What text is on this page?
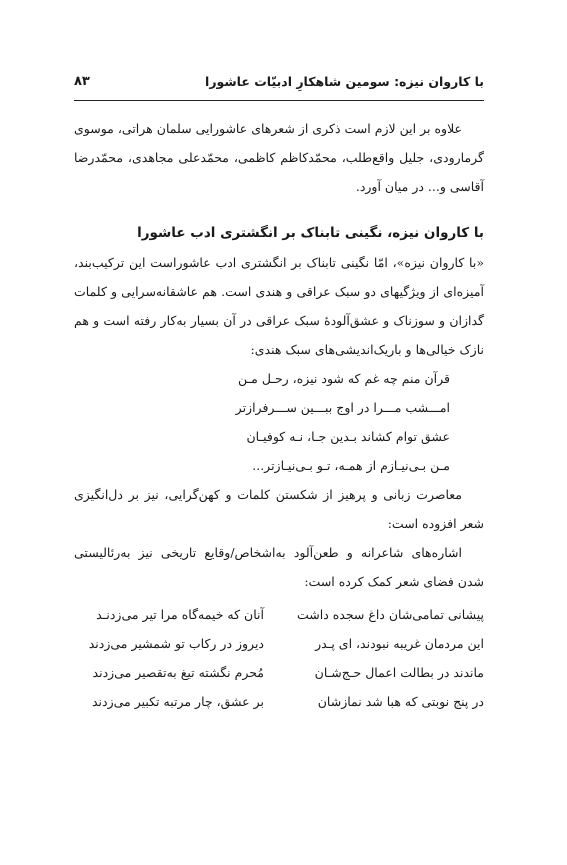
با کاروان نیزه: سومین شاهکارِ ادبیّات عاشورا
۸۳

علاوه بر این لازم است ذکری از شعرهای عاشورایی سلمان هراتی، موسوی گرمارودی، جلیل واقع‌طلب، محمّدکاظم کاظمی، محمّدعلی مجاهدی، محمّدرضا آقاسی و... در میان آورد.

با کاروان نیزه، نگینی تابناک بر انگشتری ادب عاشورا

«با کاروان نیزه»، امّا نگینی تابناک بر انگشتری ادب عاشوراست این ترکیب‌بند، آمیزه‌ای از ویژگیهای دو سبک عراقی و هندی است. هم عاشقانه‌سرایی و کلمات گدازان و سوزناک و عشق‌آلودهٔ سبک عراقی در آن بسیار به‌کار رفته است و هم نازک خیالی‌ها و باریک‌اندیشی‌های سبک هندی:

قرآن منم چه غم که شود نیزه، رحـل مـن
امـــشب مـــرا در اوج ببـــین ســـرفرازتر
عشق توام کشاند بـدین جـا، نـه کوفیـان
مـن بـی‌نیـازم از همـه، تـو بـی‌نیـازتر...

معاصرت زبانی و پرهیز از شکستن کلمات و کهن‌گرایی، نیز بر دل‌انگیزی شعر افزوده است:

اشاره‌های شاعرانه و طعن‌آلود به‌اشخاص/وقایع تاریخی نیز به‌رئالیستی شدن فضای شعر کمک کرده است:

پیشانی تمامی‌شان داغ سجده داشت
آنان که خیمه‌گاه مرا تیر می‌زدنـد
این مردمان غریبه نبودند، ای پـدر
دیروز در رکاب تو شمشیر می‌زدند
ماندند در بطالت اعمال حـج‌شـان
مُحرم نگشته تیغ به‌تقصیر می‌زدند
در پنج نوبتی که هبا شد نمازشان
بر عشق، چار مرتبه تکبیر می‌زدند
